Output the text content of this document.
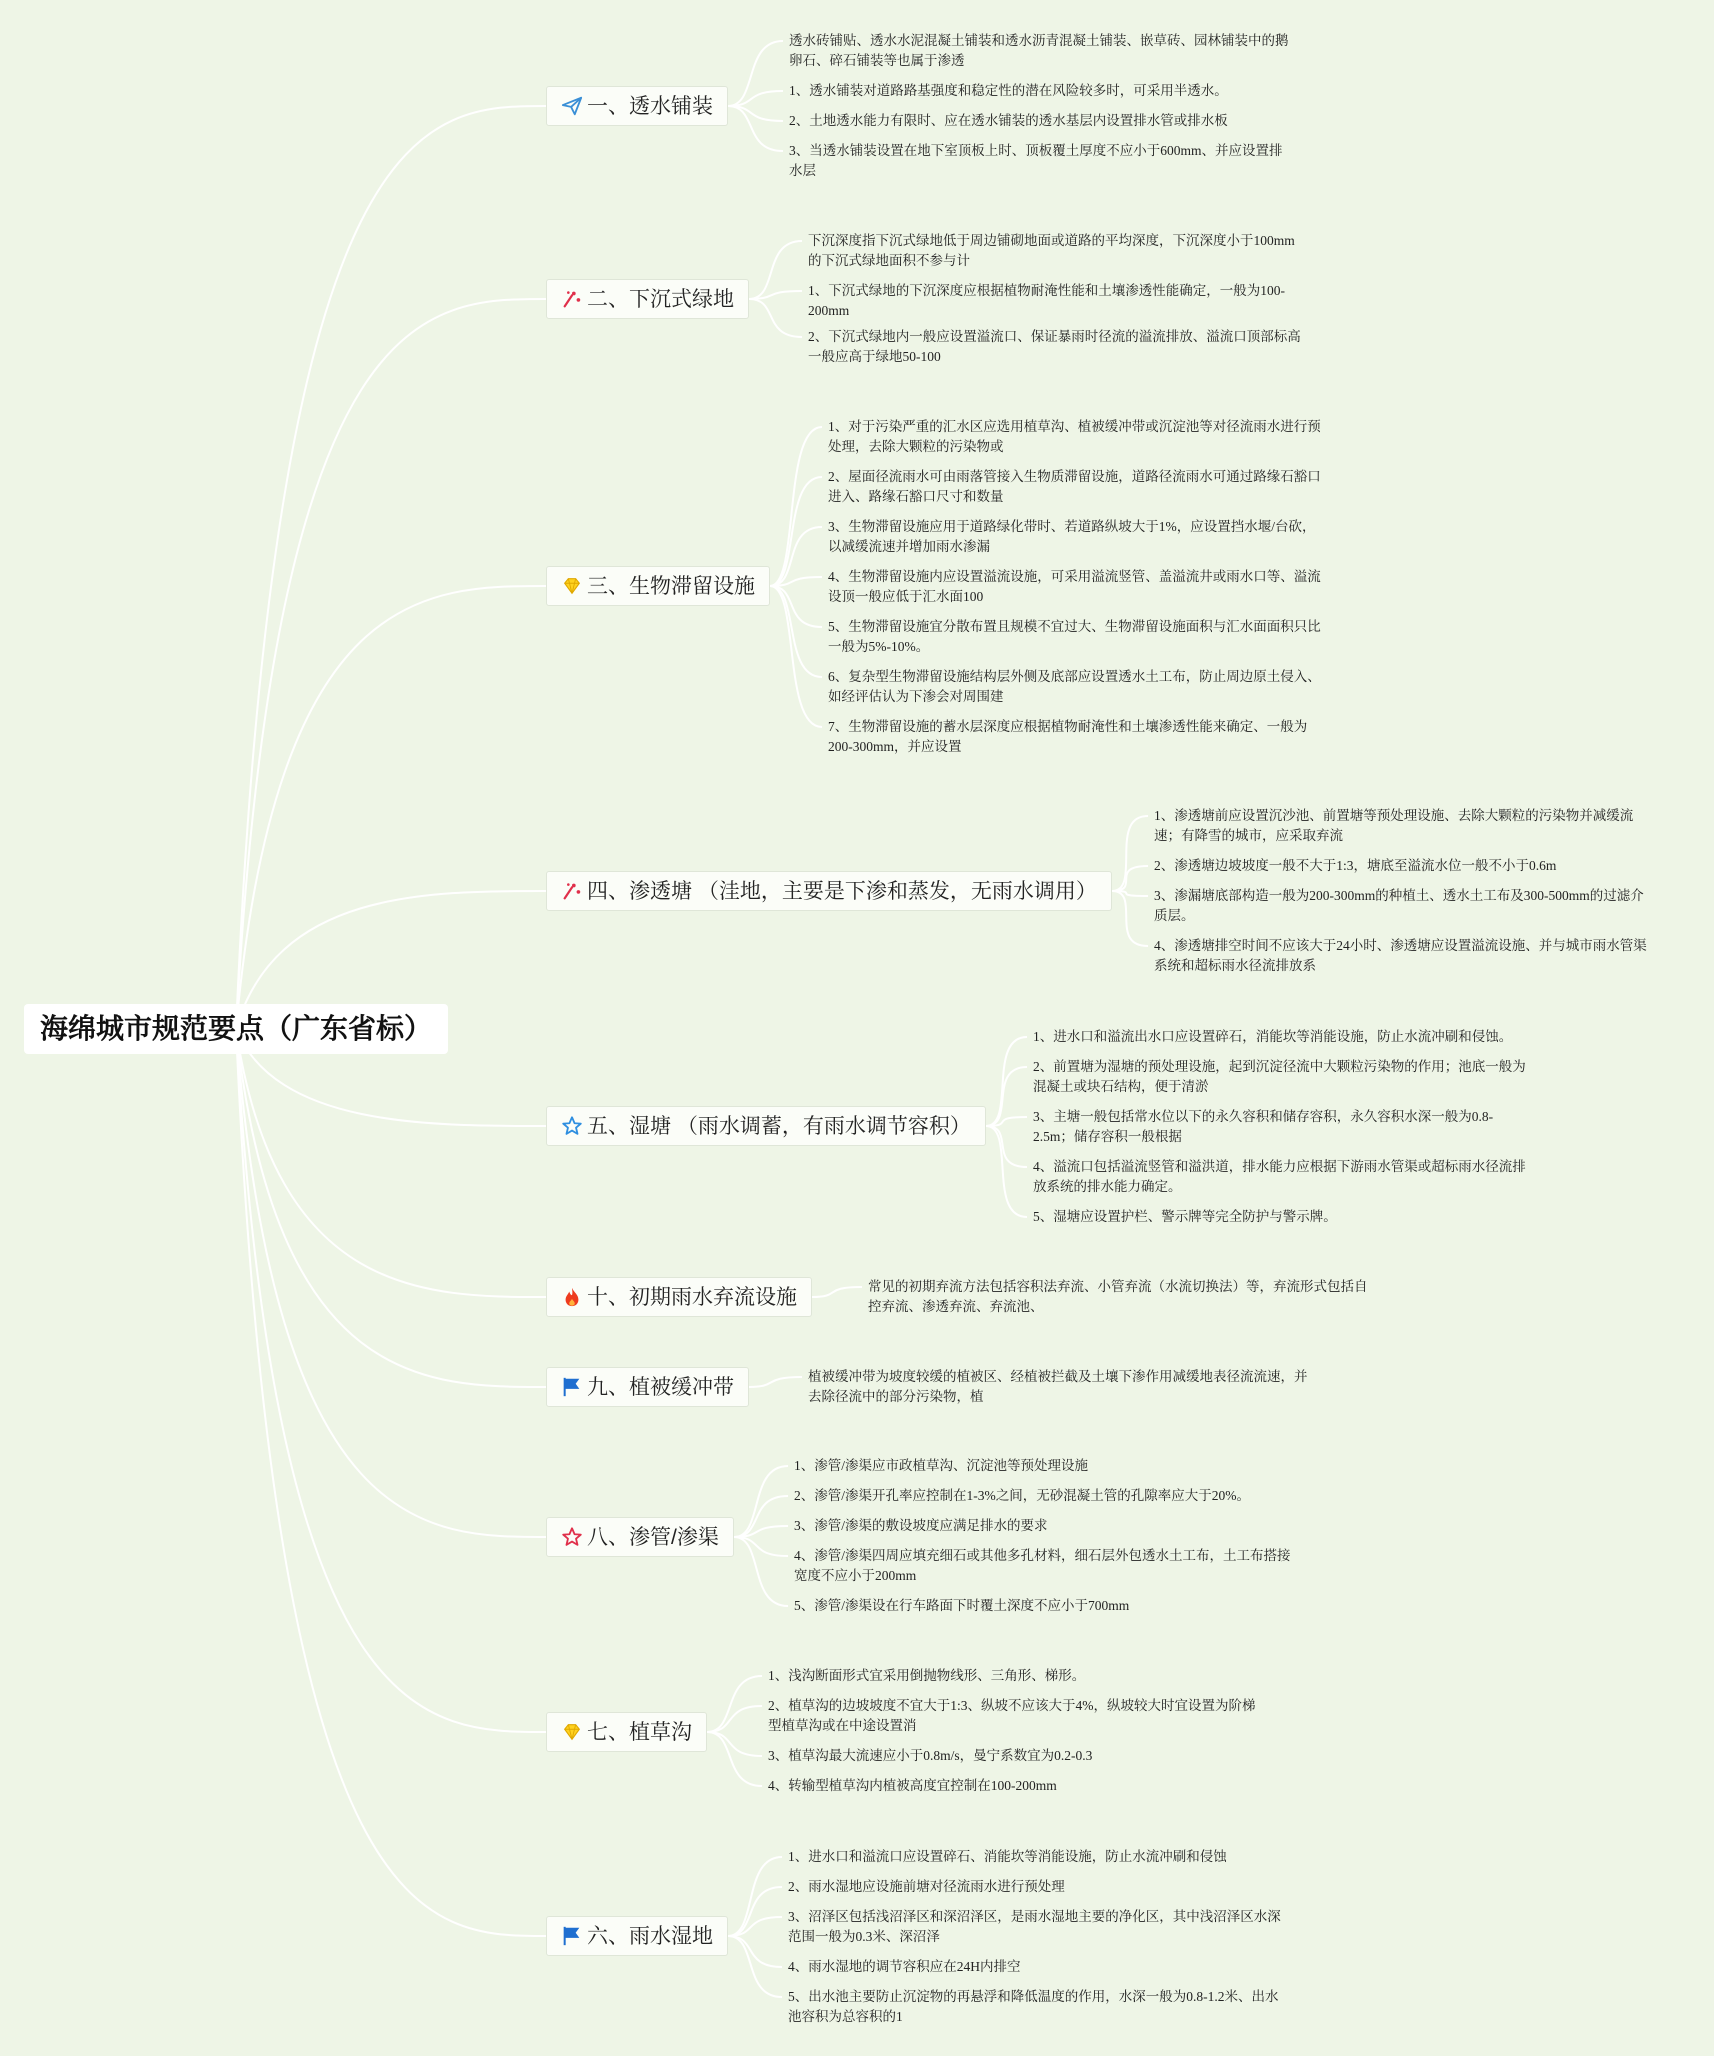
海绵城市规范要点（广东省标）
一、透水铺装
透水砖铺贴、透水水泥混凝土铺装和透水沥青混凝土铺装、嵌草砖、园林铺装中的鹅卵石、碎石铺装等也属于渗透
1、透水铺装对道路路基强度和稳定性的潜在风险较多时，可采用半透水。
2、土地透水能力有限时、应在透水铺装的透水基层内设置排水管或排水板
3、当透水铺装设置在地下室顶板上时、顶板覆土厚度不应小于600mm、并应设置排水层
二、下沉式绿地
下沉深度指下沉式绿地低于周边铺砌地面或道路的平均深度，下沉深度小于100mm的下沉式绿地面积不参与计
1、下沉式绿地的下沉深度应根据植物耐淹性能和土壤渗透性能确定，一般为100-200mm
2、下沉式绿地内一般应设置溢流口、保证暴雨时径流的溢流排放、溢流口顶部标高一般应高于绿地50-100
三、生物滞留设施
1、对于污染严重的汇水区应选用植草沟、植被缓冲带或沉淀池等对径流雨水进行预处理，去除大颗粒的污染物或
2、屋面径流雨水可由雨落管接入生物质滞留设施，道路径流雨水可通过路缘石豁口进入、路缘石豁口尺寸和数量
3、生物滞留设施应用于道路绿化带时、若道路纵坡大于1%，应设置挡水堰/台砍，以减缓流速并增加雨水渗漏
4、生物滞留设施内应设置溢流设施，可采用溢流竖管、盖溢流井或雨水口等、溢流设顶一般应低于汇水面100
5、生物滞留设施宜分散布置且规模不宜过大、生物滞留设施面积与汇水面面积只比一般为5%-10%。
6、复杂型生物滞留设施结构层外侧及底部应设置透水土工布，防止周边原土侵入、如经评估认为下渗会对周围建
7、生物滞留设施的蓄水层深度应根据植物耐淹性和土壤渗透性能来确定、一般为200-300mm，并应设置
四、渗透塘 （洼地，主要是下渗和蒸发，无雨水调用）
1、渗透塘前应设置沉沙池、前置塘等预处理设施、去除大颗粒的污染物并减缓流速；有降雪的城市，应采取弃流
2、渗透塘边坡坡度一般不大于1:3，塘底至溢流水位一般不小于0.6m
3、渗漏塘底部构造一般为200-300mm的种植土、透水土工布及300-500mm的过滤介质层。
4、渗透塘排空时间不应该大于24小时、渗透塘应设置溢流设施、并与城市雨水管渠系统和超标雨水径流排放系
五、湿塘 （雨水调蓄，有雨水调节容积）
1、进水口和溢流出水口应设置碎石，消能坎等消能设施，防止水流冲刷和侵蚀。
2、前置塘为湿塘的预处理设施，起到沉淀径流中大颗粒污染物的作用；池底一般为混凝土或块石结构，便于清淤
3、主塘一般包括常水位以下的永久容积和储存容积，永久容积水深一般为0.8-2.5m；储存容积一般根据
4、溢流口包括溢流竖管和溢洪道，排水能力应根据下游雨水管渠或超标雨水径流排放系统的排水能力确定。
5、湿塘应设置护栏、警示牌等完全防护与警示牌。
十、初期雨水弃流设施	常见的初期弃流方法包括容积法弃流、小管弃流（水流切换法）等，弃流形式包括自控弃流、渗透弃流、弃流池、
九、植被缓冲带	植被缓冲带为坡度较缓的植被区、经植被拦截及土壤下渗作用减缓地表径流流速，并去除径流中的部分污染物，植
八、渗管/渗渠
1、渗管/渗渠应市政植草沟、沉淀池等预处理设施
2、渗管/渗渠开孔率应控制在1-3%之间，无砂混凝土管的孔隙率应大于20%。
3、渗管/渗渠的敷设坡度应满足排水的要求
4、渗管/渗渠四周应填充细石或其他多孔材料，细石层外包透水土工布，土工布搭接宽度不应小于200mm
5、渗管/渗渠设在行车路面下时覆土深度不应小于700mm
七、植草沟
1、浅沟断面形式宜采用倒抛物线形、三角形、梯形。
2、植草沟的边坡坡度不宜大于1:3、纵坡不应该大于4%，纵坡较大时宜设置为阶梯型植草沟或在中途设置消
3、植草沟最大流速应小于0.8m/s，曼宁系数宜为0.2-0.3
4、转输型植草沟内植被高度宜控制在100-200mm
六、雨水湿地
1、进水口和溢流口应设置碎石、消能坎等消能设施，防止水流冲刷和侵蚀
2、雨水湿地应设施前塘对径流雨水进行预处理
3、沼泽区包括浅沼泽区和深沼泽区，是雨水湿地主要的净化区，其中浅沼泽区水深范围一般为0.3米、深沼泽
4、雨水湿地的调节容积应在24H内排空
5、出水池主要防止沉淀物的再悬浮和降低温度的作用，水深一般为0.8-1.2米、出水池容积为总容积的1
